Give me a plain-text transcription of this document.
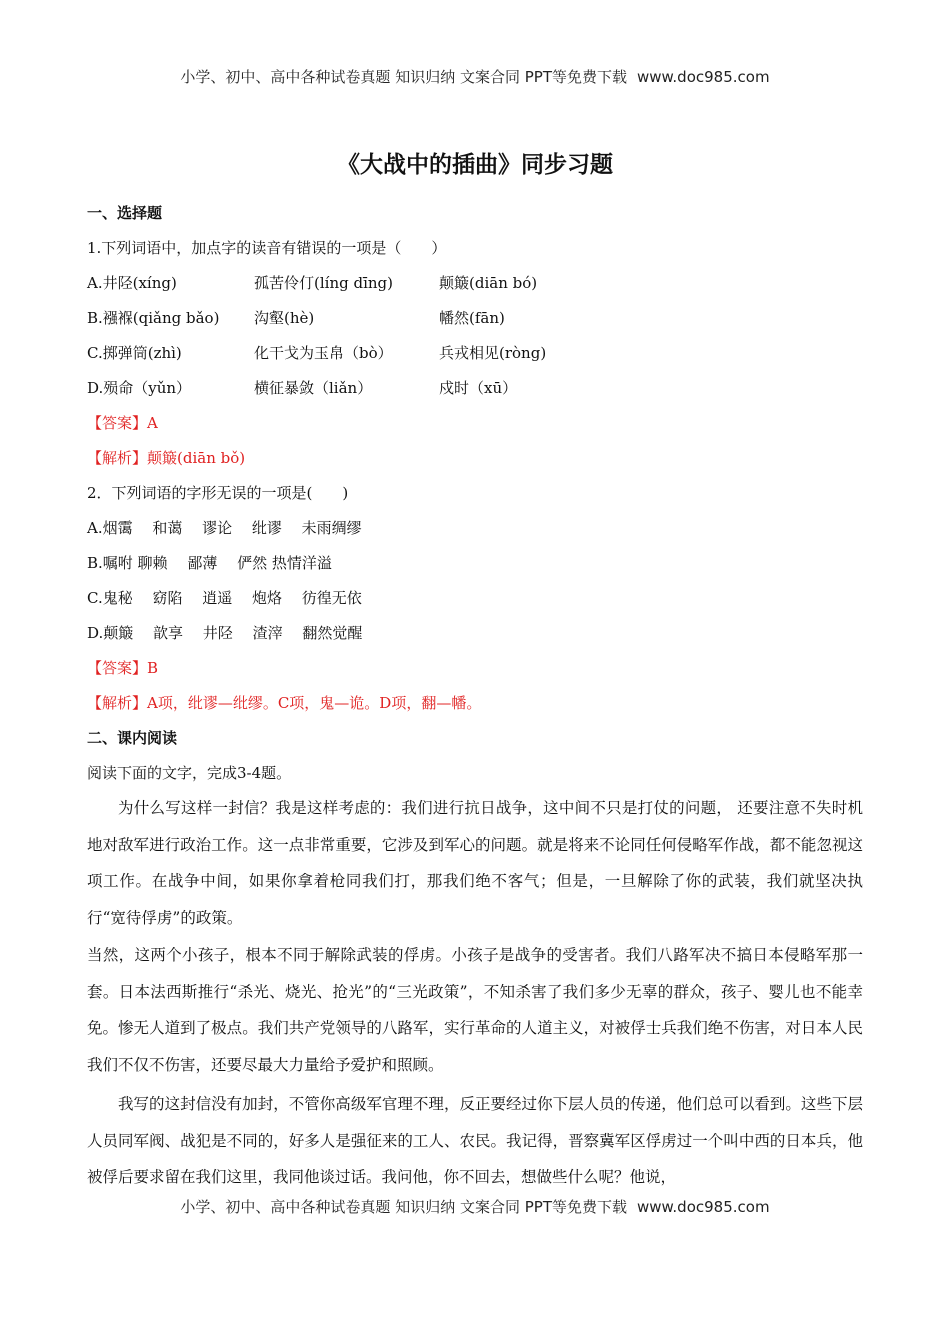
小学、初中、高中各种试卷真题 知识归纳 文案合同 PPT等免费下载 www.doc985.com
《大战中的插曲》同步习题
一、选择题
1.下列词语中，加点字的读音有错误的一项是（　　）
A.井陉(xíng)	孤苦伶仃(líng dīng)	颠簸(diān bó)
B.襁褓(qiǎng bǎo) 沟壑(hè)	幡然(fān)
C.掷弹筒(zhì)	化干戈为玉帛（bò）	兵戎相见(ròng)
D.殒命（yǔn）	横征暴敛（liǎn）	戍时（xū）
【答案】A
【解析】颠簸(diān bǒ)
2．下列词语的字形无误的一项是(　　)
A.烟霭　 和蔼　 谬论　 纰谬　 未雨绸缪
B.嘱咐 聊赖　 鄙薄　 俨然 热情洋溢
C.鬼秘　 窈陷　 逍遥　 炮烙　 彷徨无依
D.颠簸　 歆享　 井陉　 渣滓　 翻然觉醒
【答案】B
【解析】A项，纰谬—纰缪。C项，鬼—诡。D项，翻—幡。
二、课内阅读
阅读下面的文字，完成3-4题。
为什么写这样一封信？我是这样考虑的：我们进行抗日战争，这中间不只是打仗的问题， 还要注意不失时机地对敌军进行政治工作。这一点非常重要，它涉及到军心的问题。就是将来不论同任何侵略军作战，都不能忽视这项工作。在战争中间，如果你拿着枪同我们打，那我们绝不客气；但是，一旦解除了你的武装，我们就坚决执行“宽待俘虏”的政策。
当然，这两个小孩子，根本不同于解除武装的俘虏。小孩子是战争的受害者。我们八路军决不搞日本侵略军那一套。日本法西斯推行“杀光、烧光、抢光”的“三光政策”，不知杀害了我们多少无辜的群众，孩子、婴儿也不能幸免。惨无人道到了极点。我们共产党领导的八路军，实行革命的人道主义，对被俘士兵我们绝不伤害，对日本人民我们不仅不伤害，还要尽最大力量给予爱护和照顾。
我写的这封信没有加封，不管你高级军官理不理，反正要经过你下层人员的传递，他们总可以看到。这些下层人员同军阀、战犯是不同的，好多人是强征来的工人、农民。我记得，晋察冀军区俘虏过一个叫中西的日本兵，他被俘后要求留在我们这里，我同他谈过话。我问他，你不回去，想做些什么呢？他说，
小学、初中、高中各种试卷真题 知识归纳 文案合同 PPT等免费下载 www.doc985.com
